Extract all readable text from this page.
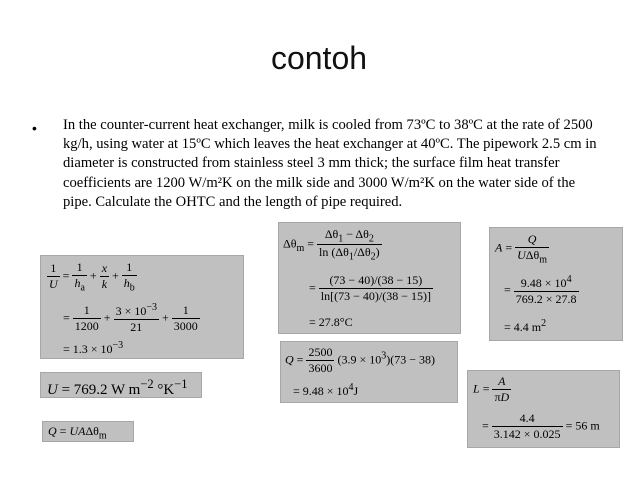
contoh
• In the counter-current heat exchanger, milk is cooled from 73ºC to 38ºC at the rate of 2500 kg/h, using water at 15ºC which leaves the heat exchanger at 40ºC. The pipework 2.5 cm in diameter is constructed from stainless steel 3 mm thick; the surface film heat transfer coefficients are 1200 W/m²K on the milk side and 3000 W/m²K on the water side of the pipe. Calculate the OHTC and the length of pipe required.
$\frac{1}{U} = \frac{1}{h_a} + \frac{x}{k} + \frac{1}{h_b}$
= $\frac{1}{1200} + \frac{3 \times 10^{-3}}{21} + \frac{1}{3000}$
= $1.3 \times 10^{-3}$
U = 769.2 W $m^{-2}$ $^\circ K^{-1}$
Q = UAΔθ$_m$
$\Delta\theta_m = \frac{\Delta\theta_1 - \Delta\theta_2}{\ln (\Delta\theta_1/\Delta\theta_2)}$
= $\frac{(73 - 40)/(38 - 15)}{\ln[(73 - 40)/(38 - 15)]}$
= 27.8°C
$Q = \frac{2500}{3600} (3.9 \times 10^3)(73 - 38)$
= $9.48 \times 10^4J$
$A = \frac{Q}{U\Delta\theta_m}$
= $\frac{9.48 \times 10^4}{769.2 \times 27.8}$
= 4.4 $m^2$
$L = \frac{A}{\pi D}$
= $\frac{4.4}{3.142 \times 0.025} = 56$ m
